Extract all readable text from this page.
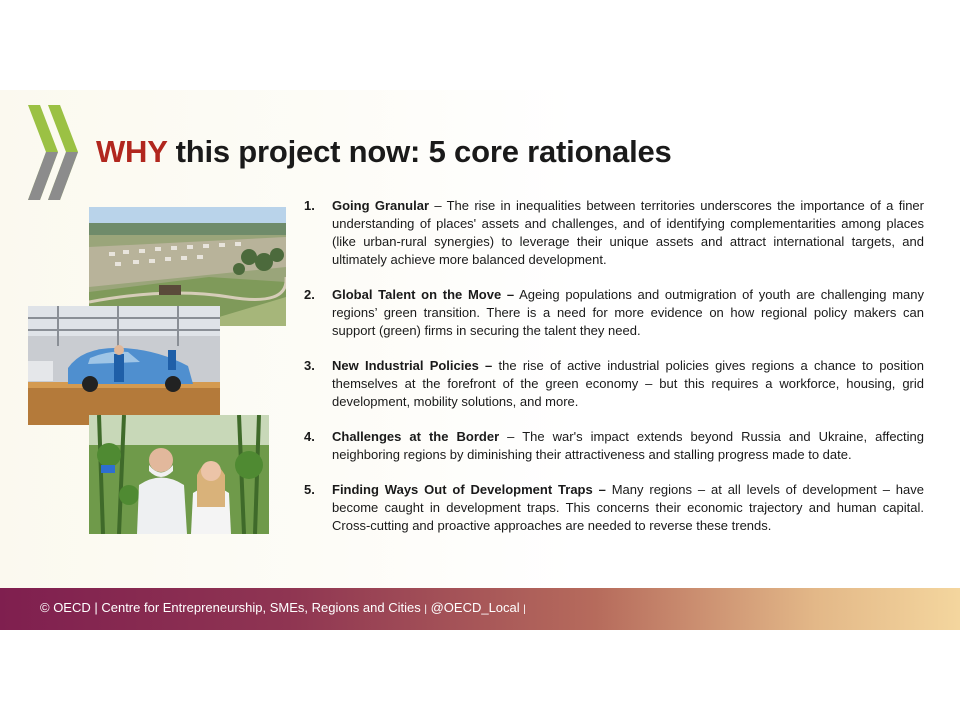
WHY this project now: 5 core rationales
1. Going Granular – The rise in inequalities between territories underscores the importance of a finer understanding of places' assets and challenges, and of identifying complementarities among places (like urban-rural synergies) to leverage their unique assets and attract international targets, and ultimately achieve more balanced development.
2. Global Talent on the Move – Ageing populations and outmigration of youth are challenging many regions’ green transition. There is a need for more evidence on how regional policy makers can support (green) firms in securing the talent they need.
3. New Industrial Policies – the rise of active industrial policies gives regions a chance to position themselves at the forefront of the green economy – but this requires a workforce, housing, grid development, mobility solutions, and more.
4. Challenges at the Border – The war's impact extends beyond Russia and Ukraine, affecting neighboring regions by diminishing their attractiveness and stalling progress made to date.
5. Finding Ways Out of Development Traps – Many regions – at all levels of development – have become caught in development traps. This concerns their economic trajectory and human capital. Cross-cutting and proactive approaches are needed to reverse these trends.
© OECD | Centre for Entrepreneurship, SMEs, Regions and Cities | @OECD_Local |
